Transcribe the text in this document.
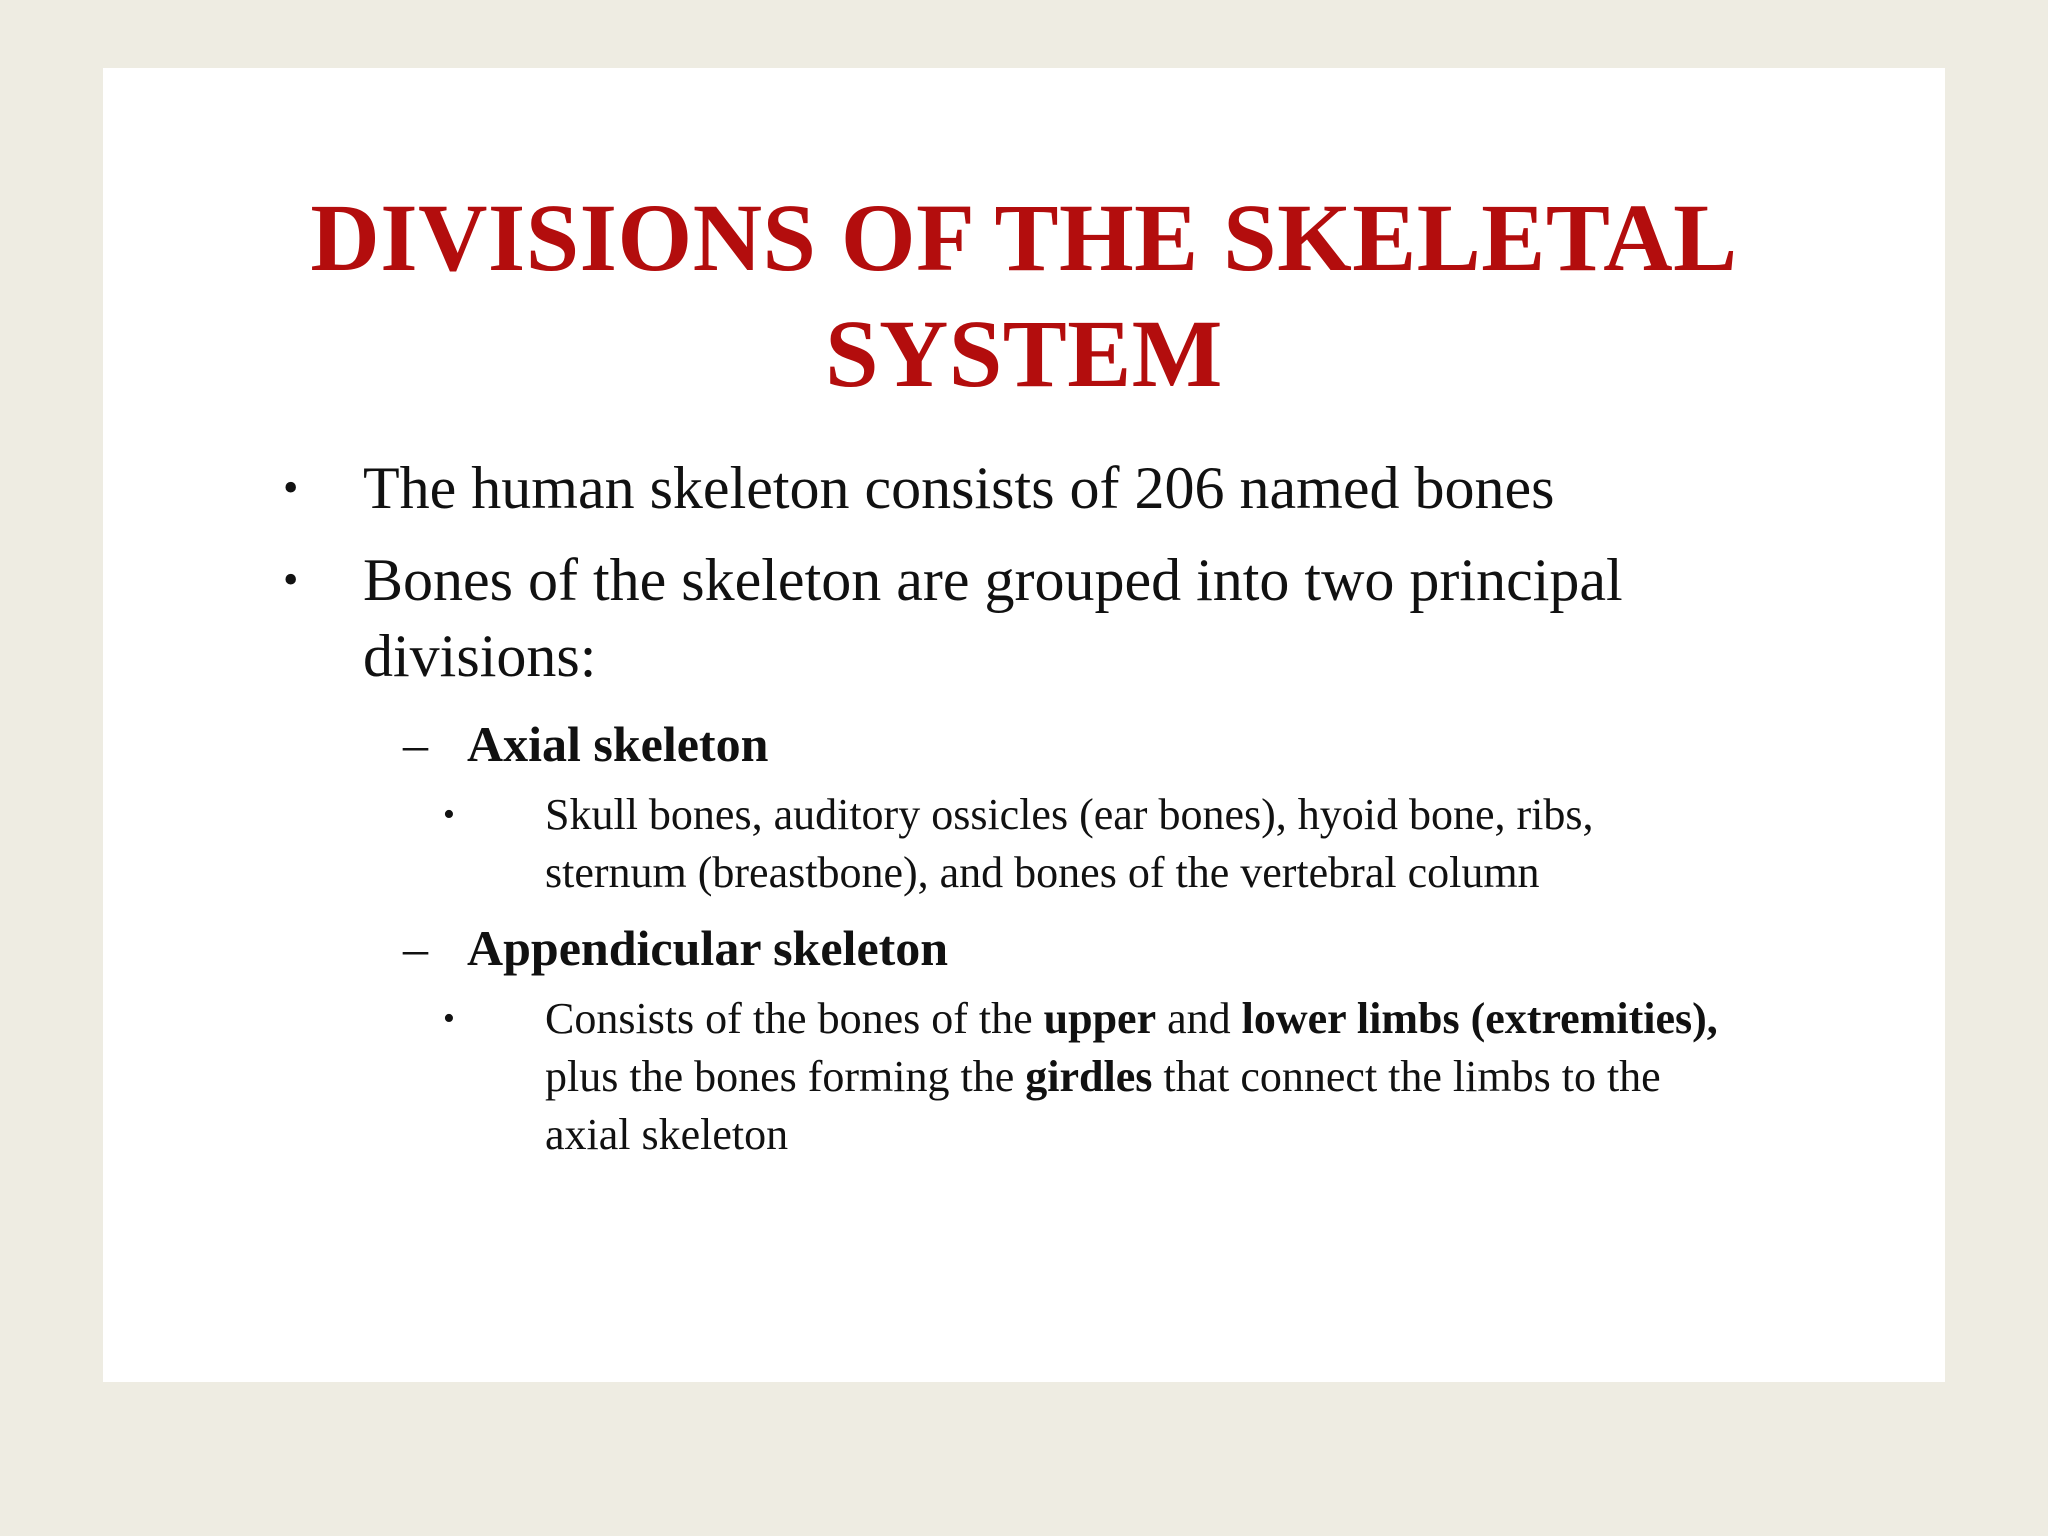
DIVISIONS OF THE SKELETAL
SYSTEM
• The human skeleton consists of 206 named bones
• Bones of the skeleton are grouped into two principal
divisions:
– Axial skeleton
• Skull bones, auditory ossicles (ear bones), hyoid bone, ribs,
sternum (breastbone), and bones of the vertebral column
– Appendicular skeleton
• Consists of the bones of the upper and lower limbs (extremities),
plus the bones forming the girdles that connect the limbs to the
axial skeleton
